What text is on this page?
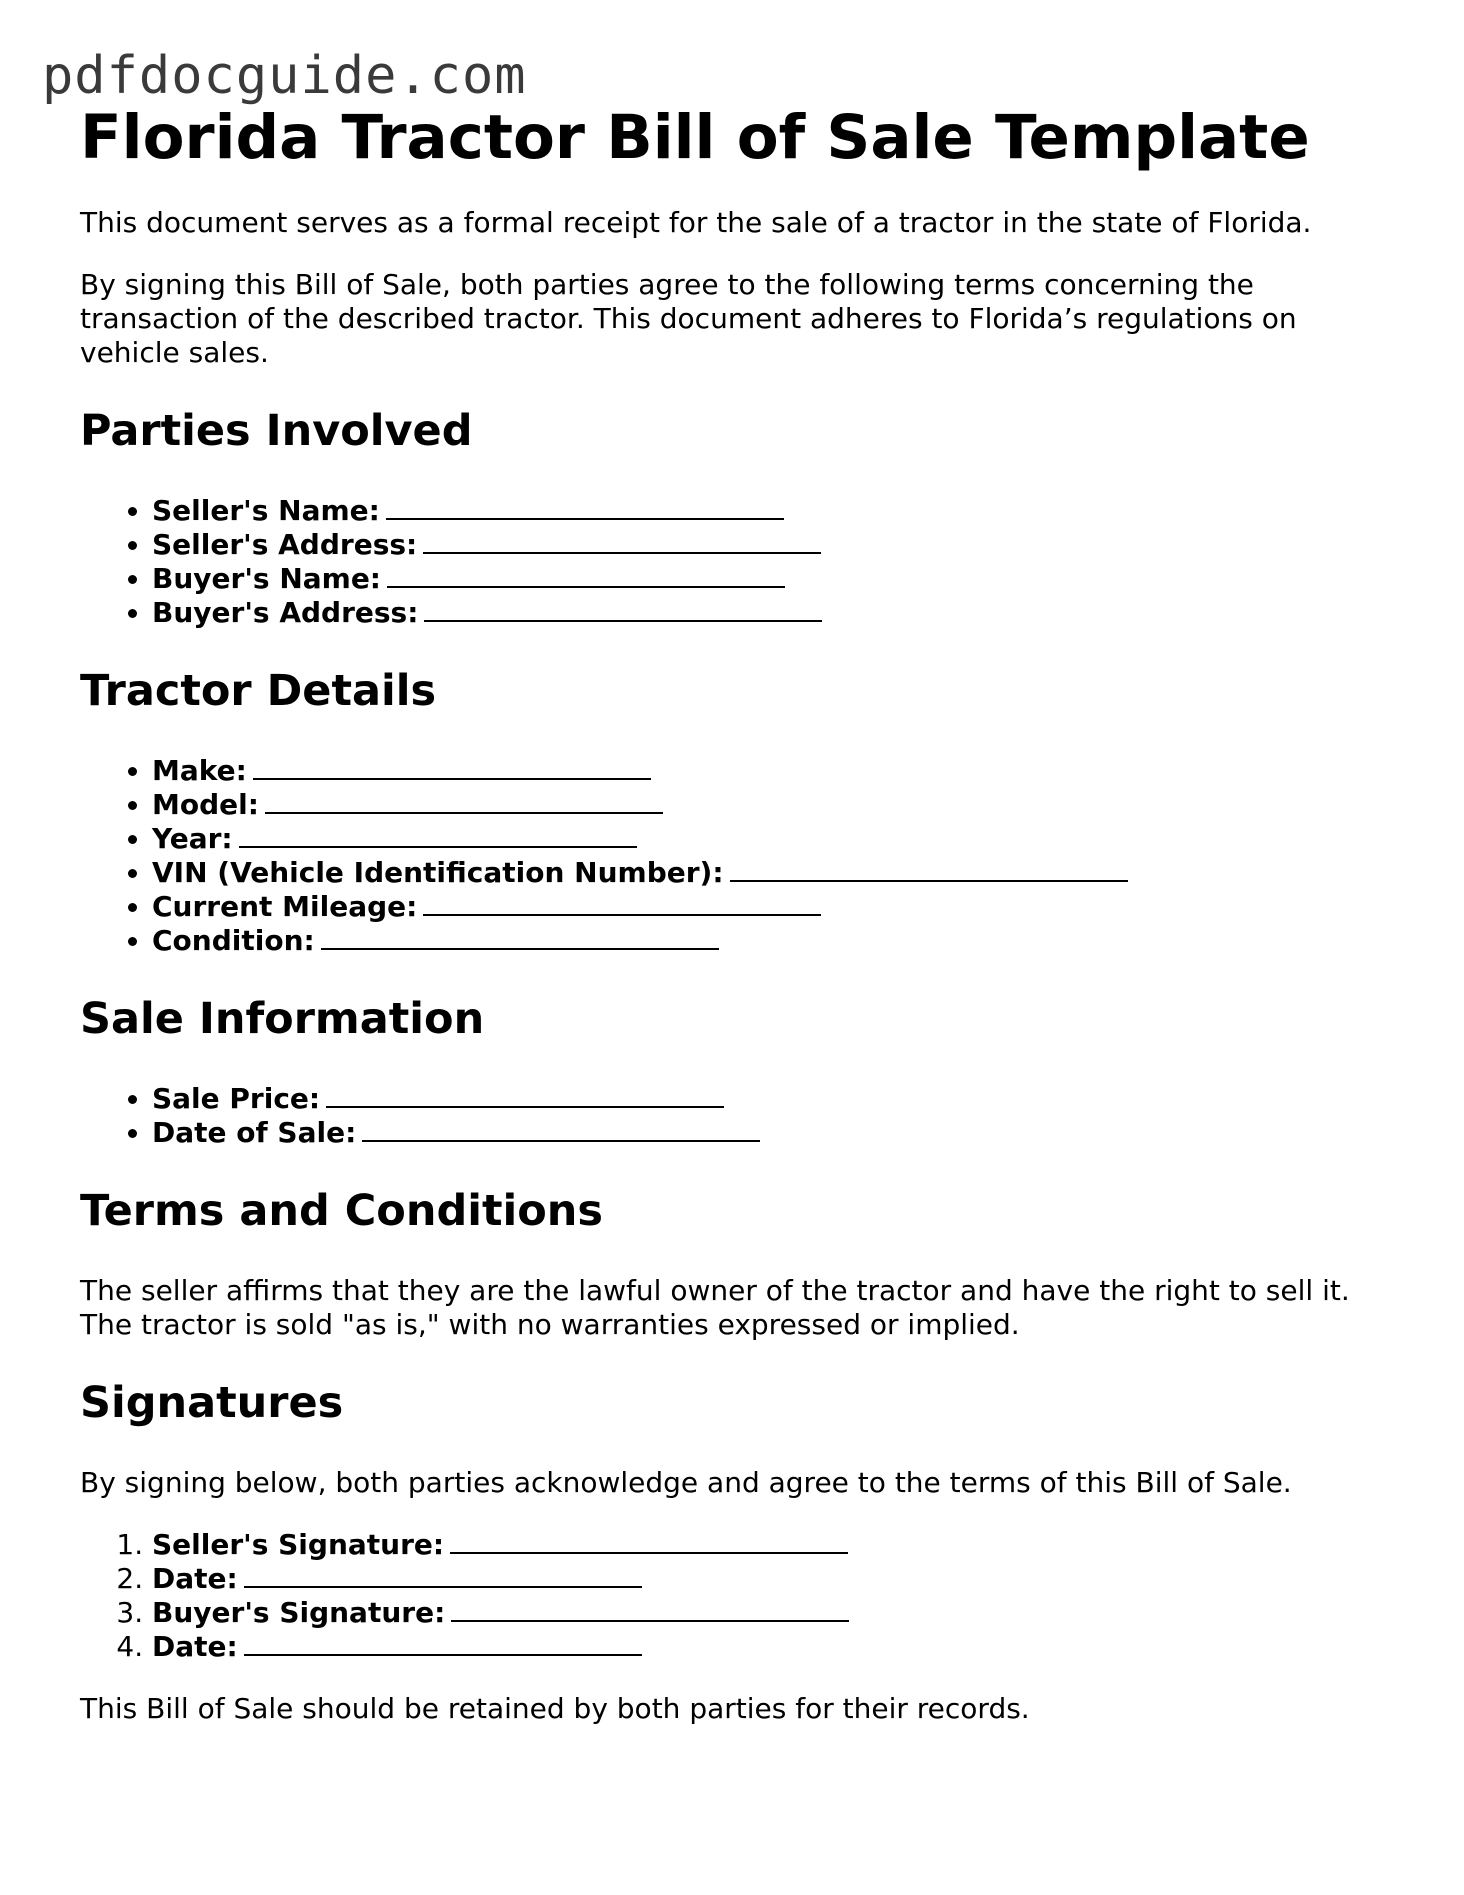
pdfdocguide.com
Florida Tractor Bill of Sale Template

This document serves as a formal receipt for the sale of a tractor in the state of Florida.

By signing this Bill of Sale, both parties agree to the following terms concerning the transaction of the described tractor. This document adheres to Florida’s regulations on vehicle sales.

Parties Involved
• Seller's Name:
• Seller's Address:
• Buyer's Name:
• Buyer's Address:
Tractor Details
• Make:
• Model:
• Year:
• VIN (Vehicle Identification Number):
• Current Mileage:
• Condition:
Sale Information
• Sale Price:
• Date of Sale:
Terms and Conditions

The seller affirms that they are the lawful owner of the tractor and have the right to sell it. The tractor is sold "as is," with no warranties expressed or implied.

Signatures

By signing below, both parties acknowledge and agree to the terms of this Bill of Sale.

1. Seller's Signature:
2. Date:
3. Buyer's Signature:
4. Date:

This Bill of Sale should be retained by both parties for their records.
